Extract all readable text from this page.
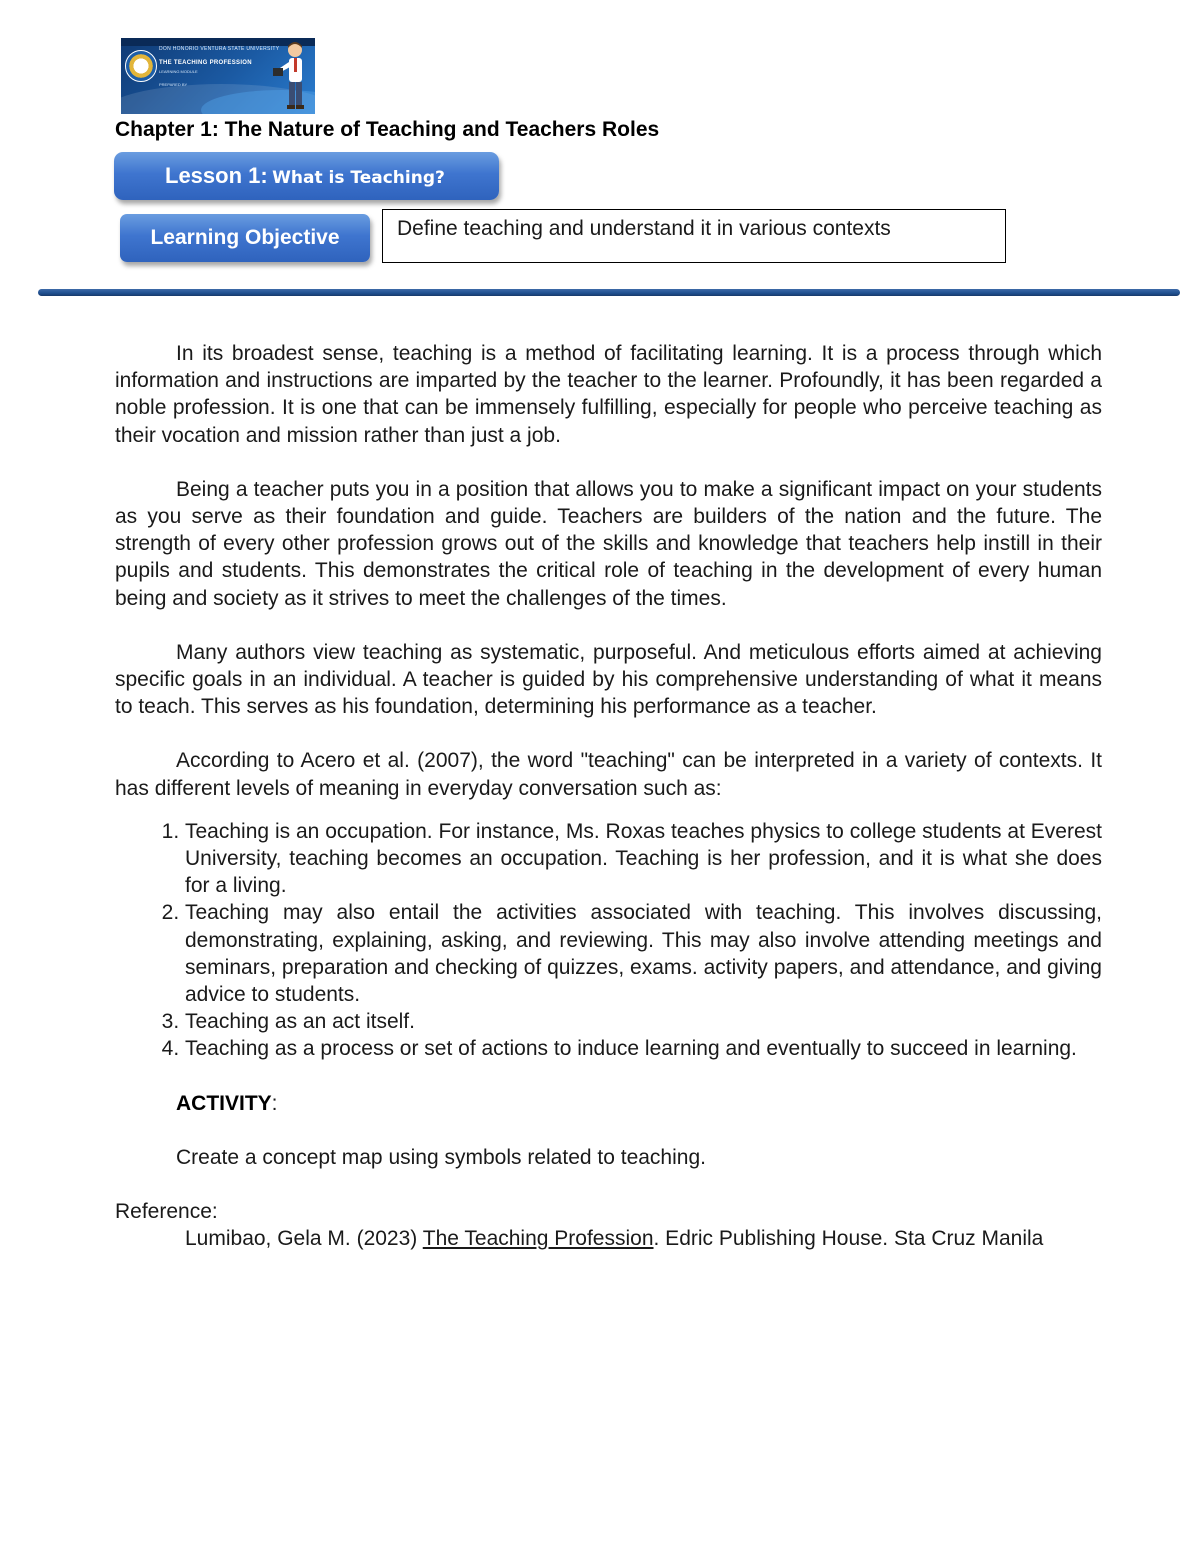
DON HONORIO VENTURA STATE UNIVERSITY
THE TEACHING PROFESSION
LEARNING MODULE
PREPARED BY
Chapter 1: The Nature of Teaching and Teachers Roles
Lesson 1: What is Teaching?
Learning Objective	Define teaching and understand it in various contexts

In its broadest sense, teaching is a method of facilitating learning. It is a process through which information and instructions are imparted by the teacher to the learner. Profoundly, it has been regarded a noble profession. It is one that can be immensely fulfilling, especially for people who perceive teaching as their vocation and mission rather than just a job.

Being a teacher puts you in a position that allows you to make a significant impact on your students as you serve as their foundation and guide. Teachers are builders of the nation and the future. The strength of every other profession grows out of the skills and knowledge that teachers help instill in their pupils and students. This demonstrates the critical role of teaching in the development of every human being and society as it strives to meet the challenges of the times.

Many authors view teaching as systematic, purposeful. And meticulous efforts aimed at achieving specific goals in an individual. A teacher is guided by his comprehensive understanding of what it means to teach. This serves as his foundation, determining his performance as a teacher.

According to Acero et al. (2007), the word "teaching" can be interpreted in a variety of contexts. It has different levels of meaning in everyday conversation such as:

1. Teaching is an occupation. For instance, Ms. Roxas teaches physics to college students at Everest University, teaching becomes an occupation. Teaching is her profession, and it is what she does for a living.
2. Teaching may also entail the activities associated with teaching. This involves discussing, demonstrating, explaining, asking, and reviewing. This may also involve attending meetings and seminars, preparation and checking of quizzes, exams. activity papers, and attendance, and giving advice to students.
3. Teaching as an act itself.
4. Teaching as a process or set of actions to induce learning and eventually to succeed in learning.

ACTIVITY:

Create a concept map using symbols related to teaching.

Reference:

Lumibao, Gela M. (2023) The Teaching Profession. Edric Publishing House. Sta Cruz Manila
